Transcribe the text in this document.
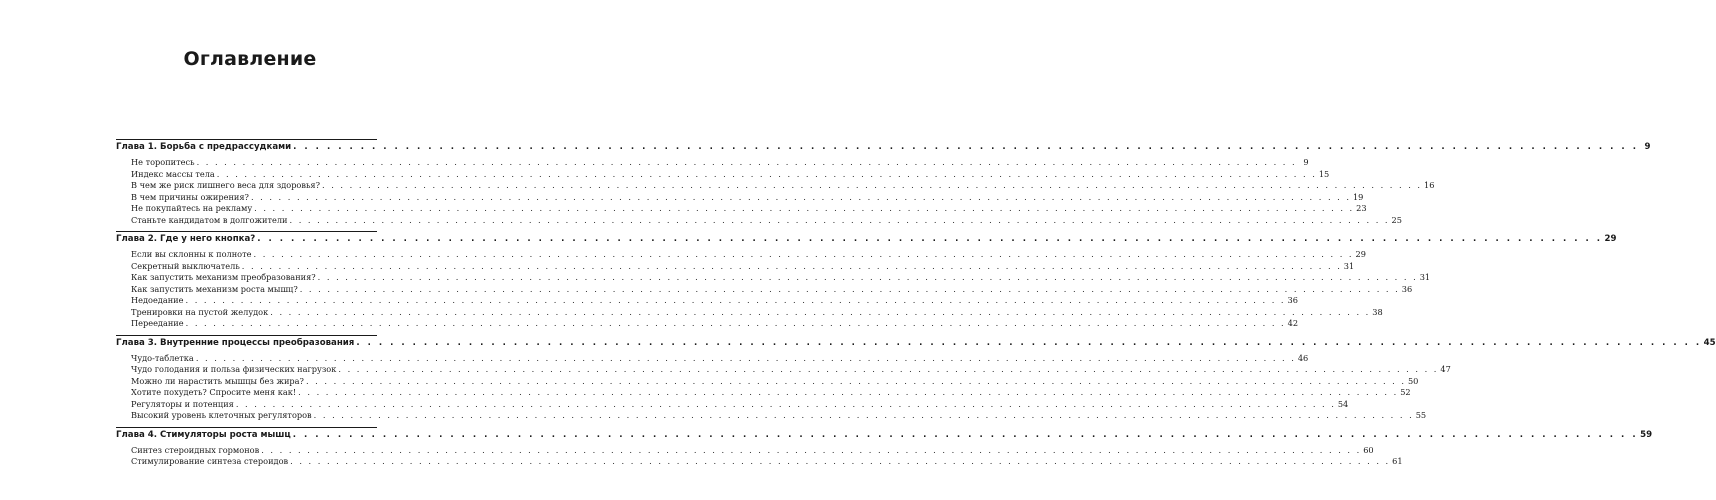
Оглавление
Глава 1. Борьба с предрассудками . . . . . . . . . . . . . . . . . . . . . . . . . . . . . . . . . . . . . . . . . . . . . . . . . . . . . . . . . . . . . . . . . . . . . . . . . . . . . . . . . . . . . . . . . . . . . . . . . . . . . . . . . . . . . . . . . . . . . . . . 9
Не торопитесь . . . . . . . . . . . . . . . . . . . . . . . . . . . . . . . . . . . . . . . . . . . . . . . . . . . . . . . . . . . . . . . . . . . . . . . . . . . . . . . . . . . . . . . . . . . . . . . . . . . . . . . . . . . . . . . . . . . . . . . . 9
Индекс массы тела . . . . . . . . . . . . . . . . . . . . . . . . . . . . . . . . . . . . . . . . . . . . . . . . . . . . . . . . . . . . . . . . . . . . . . . . . . . . . . . . . . . . . . . . . . . . . . . . . . . . . . . . . . . . . . . . . . . . . . . . 15
В чем же риск лишнего веса для здоровья? . . . . . . . . . . . . . . . . . . . . . . . . . . . . . . . . . . . . . . . . . . . . . . . . . . . . . . . . . . . . . . . . . . . . . . . . . . . . . . . . . . . . . . . . . . . . . . . . . . . . . . . . . . . . . . . . . . . . . . . . 16
В чем причины ожирения? . . . . . . . . . . . . . . . . . . . . . . . . . . . . . . . . . . . . . . . . . . . . . . . . . . . . . . . . . . . . . . . . . . . . . . . . . . . . . . . . . . . . . . . . . . . . . . . . . . . . . . . . . . . . . . . . . . . . . . . . 19
Не покупайтесь на рекламу . . . . . . . . . . . . . . . . . . . . . . . . . . . . . . . . . . . . . . . . . . . . . . . . . . . . . . . . . . . . . . . . . . . . . . . . . . . . . . . . . . . . . . . . . . . . . . . . . . . . . . . . . . . . . . . . . . . . . . . . 23
Станьте кандидатом в долгожители . . . . . . . . . . . . . . . . . . . . . . . . . . . . . . . . . . . . . . . . . . . . . . . . . . . . . . . . . . . . . . . . . . . . . . . . . . . . . . . . . . . . . . . . . . . . . . . . . . . . . . . . . . . . . . . . . . . . . . . . 25
Глава 2. Где у него кнопка? . . . . . . . . . . . . . . . . . . . . . . . . . . . . . . . . . . . . . . . . . . . . . . . . . . . . . . . . . . . . . . . . . . . . . . . . . . . . . . . . . . . . . . . . . . . . . . . . . . . . . . . . . . . . . . . . . . . . . . . . 29
Если вы склонны к полноте . . . . . . . . . . . . . . . . . . . . . . . . . . . . . . . . . . . . . . . . . . . . . . . . . . . . . . . . . . . . . . . . . . . . . . . . . . . . . . . . . . . . . . . . . . . . . . . . . . . . . . . . . . . . . . . . . . . . . . . . 29
Секретный выключатель . . . . . . . . . . . . . . . . . . . . . . . . . . . . . . . . . . . . . . . . . . . . . . . . . . . . . . . . . . . . . . . . . . . . . . . . . . . . . . . . . . . . . . . . . . . . . . . . . . . . . . . . . . . . . . . . . . . . . . . . 31
Как запустить механизм преобразования? . . . . . . . . . . . . . . . . . . . . . . . . . . . . . . . . . . . . . . . . . . . . . . . . . . . . . . . . . . . . . . . . . . . . . . . . . . . . . . . . . . . . . . . . . . . . . . . . . . . . . . . . . . . . . . . . . . . . . . . . 31
Как запустить механизм роста мышц? . . . . . . . . . . . . . . . . . . . . . . . . . . . . . . . . . . . . . . . . . . . . . . . . . . . . . . . . . . . . . . . . . . . . . . . . . . . . . . . . . . . . . . . . . . . . . . . . . . . . . . . . . . . . . . . . . . . . . . . . 36
Недоедание . . . . . . . . . . . . . . . . . . . . . . . . . . . . . . . . . . . . . . . . . . . . . . . . . . . . . . . . . . . . . . . . . . . . . . . . . . . . . . . . . . . . . . . . . . . . . . . . . . . . . . . . . . . . . . . . . . . . . . . . 36
Тренировки на пустой желудок . . . . . . . . . . . . . . . . . . . . . . . . . . . . . . . . . . . . . . . . . . . . . . . . . . . . . . . . . . . . . . . . . . . . . . . . . . . . . . . . . . . . . . . . . . . . . . . . . . . . . . . . . . . . . . . . . . . . . . . . 38
Переедание . . . . . . . . . . . . . . . . . . . . . . . . . . . . . . . . . . . . . . . . . . . . . . . . . . . . . . . . . . . . . . . . . . . . . . . . . . . . . . . . . . . . . . . . . . . . . . . . . . . . . . . . . . . . . . . . . . . . . . . . 42
Глава 3. Внутренние процессы преобразования . . . . . . . . . . . . . . . . . . . . . . . . . . . . . . . . . . . . . . . . . . . . . . . . . . . . . . . . . . . . . . . . . . . . . . . . . . . . . . . . . . . . . . . . . . . . . . . . . . . . . . . . . . . . . . . . . . . . . . . . 45
Чудо-таблетка . . . . . . . . . . . . . . . . . . . . . . . . . . . . . . . . . . . . . . . . . . . . . . . . . . . . . . . . . . . . . . . . . . . . . . . . . . . . . . . . . . . . . . . . . . . . . . . . . . . . . . . . . . . . . . . . . . . . . . . . 46
Чудо голодания и польза физических нагрузок . . . . . . . . . . . . . . . . . . . . . . . . . . . . . . . . . . . . . . . . . . . . . . . . . . . . . . . . . . . . . . . . . . . . . . . . . . . . . . . . . . . . . . . . . . . . . . . . . . . . . . . . . . . . . . . . . . . . . . . . 47
Можно ли нарастить мышцы без жира? . . . . . . . . . . . . . . . . . . . . . . . . . . . . . . . . . . . . . . . . . . . . . . . . . . . . . . . . . . . . . . . . . . . . . . . . . . . . . . . . . . . . . . . . . . . . . . . . . . . . . . . . . . . . . . . . . . . . . . . . 50
Хотите похудеть? Спросите меня как! . . . . . . . . . . . . . . . . . . . . . . . . . . . . . . . . . . . . . . . . . . . . . . . . . . . . . . . . . . . . . . . . . . . . . . . . . . . . . . . . . . . . . . . . . . . . . . . . . . . . . . . . . . . . . . . . . . . . . . . . 52
Регуляторы и потенция . . . . . . . . . . . . . . . . . . . . . . . . . . . . . . . . . . . . . . . . . . . . . . . . . . . . . . . . . . . . . . . . . . . . . . . . . . . . . . . . . . . . . . . . . . . . . . . . . . . . . . . . . . . . . . . . . . . . . . . . 54
Высокий уровень клеточных регуляторов . . . . . . . . . . . . . . . . . . . . . . . . . . . . . . . . . . . . . . . . . . . . . . . . . . . . . . . . . . . . . . . . . . . . . . . . . . . . . . . . . . . . . . . . . . . . . . . . . . . . . . . . . . . . . . . . . . . . . . . . 55
Глава 4. Стимуляторы роста мышц . . . . . . . . . . . . . . . . . . . . . . . . . . . . . . . . . . . . . . . . . . . . . . . . . . . . . . . . . . . . . . . . . . . . . . . . . . . . . . . . . . . . . . . . . . . . . . . . . . . . . . . . . . . . . . . . . . . . . . . . 59
Синтез стероидных гормонов . . . . . . . . . . . . . . . . . . . . . . . . . . . . . . . . . . . . . . . . . . . . . . . . . . . . . . . . . . . . . . . . . . . . . . . . . . . . . . . . . . . . . . . . . . . . . . . . . . . . . . . . . . . . . . . . . . . . . . . . 60
Стимулирование синтеза стероидов . . . . . . . . . . . . . . . . . . . . . . . . . . . . . . . . . . . . . . . . . . . . . . . . . . . . . . . . . . . . . . . . . . . . . . . . . . . . . . . . . . . . . . . . . . . . . . . . . . . . . . . . . . . . . . . . . . . . . . . . 61
